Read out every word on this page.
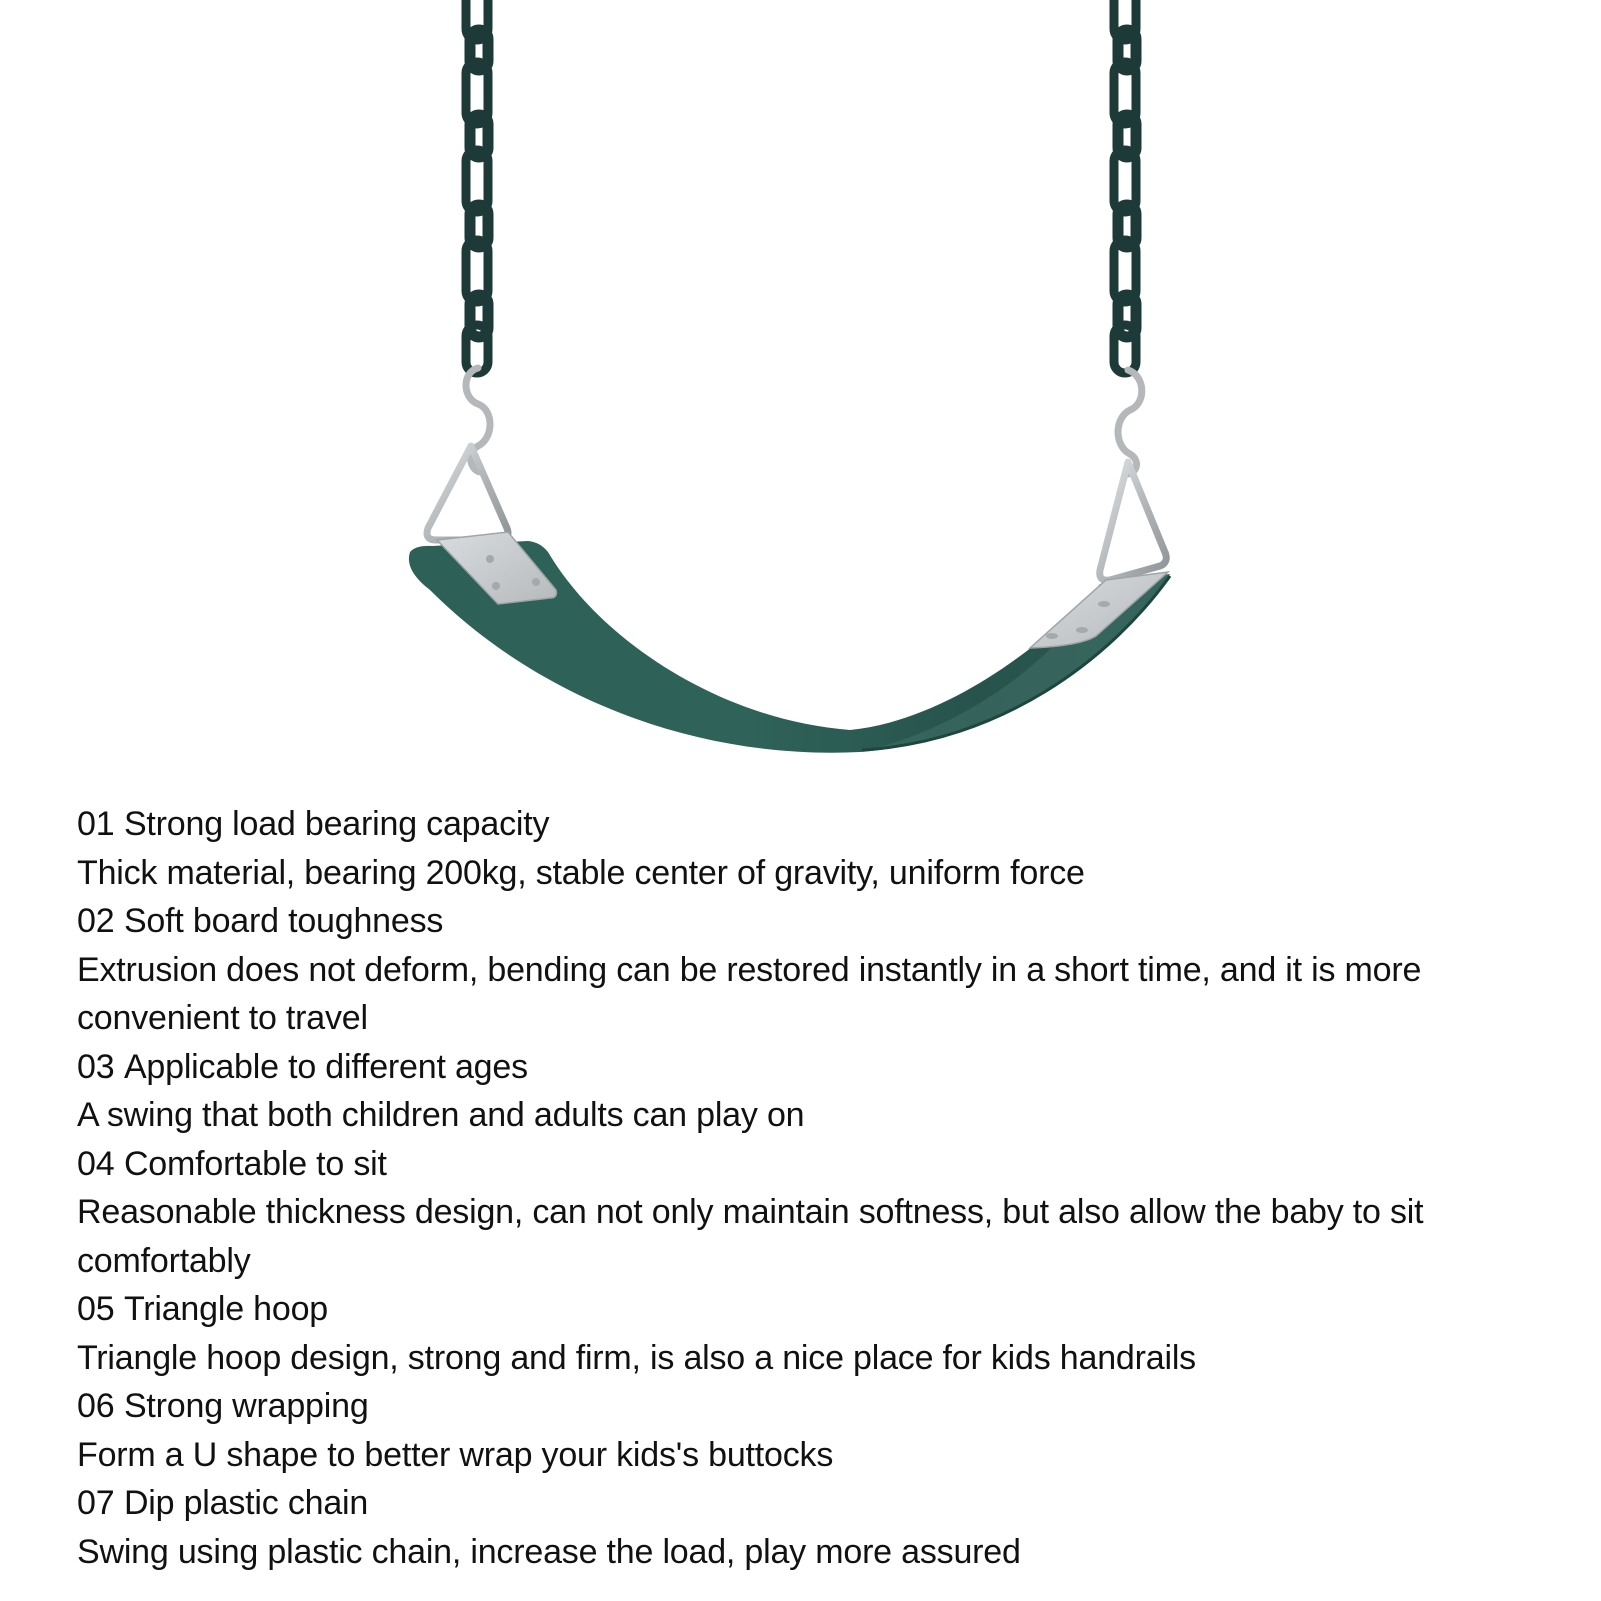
01 Strong load bearing capacity

Thick material, bearing 200kg, stable center of gravity, uniform force

02 Soft board toughness

Extrusion does not deform, bending can be restored instantly in a short time, and it is more convenient to travel

03 Applicable to different ages

A swing that both children and adults can play on

04 Comfortable to sit

Reasonable thickness design, can not only maintain softness, but also allow the baby to sit comfortably

05 Triangle hoop

Triangle hoop design, strong and firm, is also a nice place for kids handrails

06 Strong wrapping

Form a U shape to better wrap your kids's buttocks

07 Dip plastic chain

Swing using plastic chain, increase the load, play more assured
